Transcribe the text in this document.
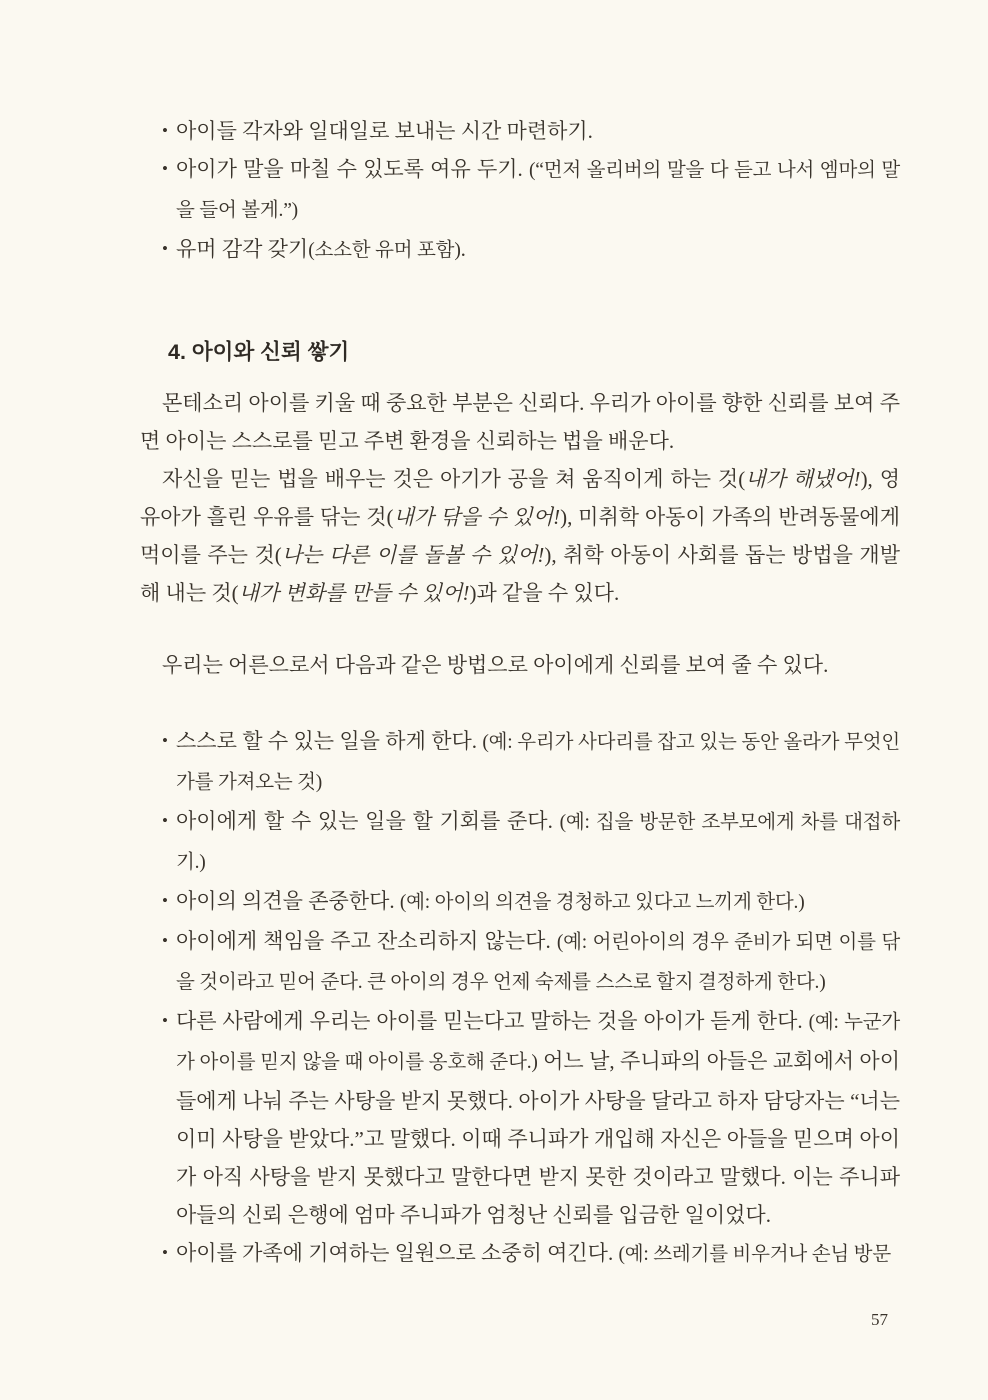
• 아이들 각자와 일대일로 보내는 시간 마련하기.
• 아이가 말을 마칠 수 있도록 여유 두기. (“먼저 올리버의 말을 다 듣고 나서 엠마의 말을 들어 볼게.”)
• 유머 감각 갖기(소소한 유머 포함).
4. 아이와 신뢰 쌓기

몬테소리 아이를 키울 때 중요한 부분은 신뢰다. 우리가 아이를 향한 신뢰를 보여 주면 아이는 스스로를 믿고 주변 환경을 신뢰하는 법을 배운다.

자신을 믿는 법을 배우는 것은 아기가 공을 쳐 움직이게 하는 것(내가 해냈어!), 영유아가 흘린 우유를 닦는 것(내가 닦을 수 있어!), 미취학 아동이 가족의 반려동물에게 먹이를 주는 것(나는 다른 이를 돌볼 수 있어!), 취학 아동이 사회를 돕는 방법을 개발해 내는 것(내가 변화를 만들 수 있어!)과 같을 수 있다.

우리는 어른으로서 다음과 같은 방법으로 아이에게 신뢰를 보여 줄 수 있다.

• 스스로 할 수 있는 일을 하게 한다. (예: 우리가 사다리를 잡고 있는 동안 올라가 무엇인가를 가져오는 것)
• 아이에게 할 수 있는 일을 할 기회를 준다. (예: 집을 방문한 조부모에게 차를 대접하기.)
• 아이의 의견을 존중한다. (예: 아이의 의견을 경청하고 있다고 느끼게 한다.)
• 아이에게 책임을 주고 잔소리하지 않는다. (예: 어린아이의 경우 준비가 되면 이를 닦을 것이라고 믿어 준다. 큰 아이의 경우 언제 숙제를 스스로 할지 결정하게 한다.)
• 다른 사람에게 우리는 아이를 믿는다고 말하는 것을 아이가 듣게 한다. (예: 누군가가 아이를 믿지 않을 때 아이를 옹호해 준다.) 어느 날, 주니파의 아들은 교회에서 아이들에게 나눠 주는 사탕을 받지 못했다. 아이가 사탕을 달라고 하자 담당자는 “너는 이미 사탕을 받았다.”고 말했다. 이때 주니파가 개입해 자신은 아들을 믿으며 아이가 아직 사탕을 받지 못했다고 말한다면 받지 못한 것이라고 말했다. 이는 주니파 아들의 신뢰 은행에 엄마 주니파가 엄청난 신뢰를 입금한 일이었다.
• 아이를 가족에 기여하는 일원으로 소중히 여긴다. (예: 쓰레기를 비우거나 손님 방문
57
